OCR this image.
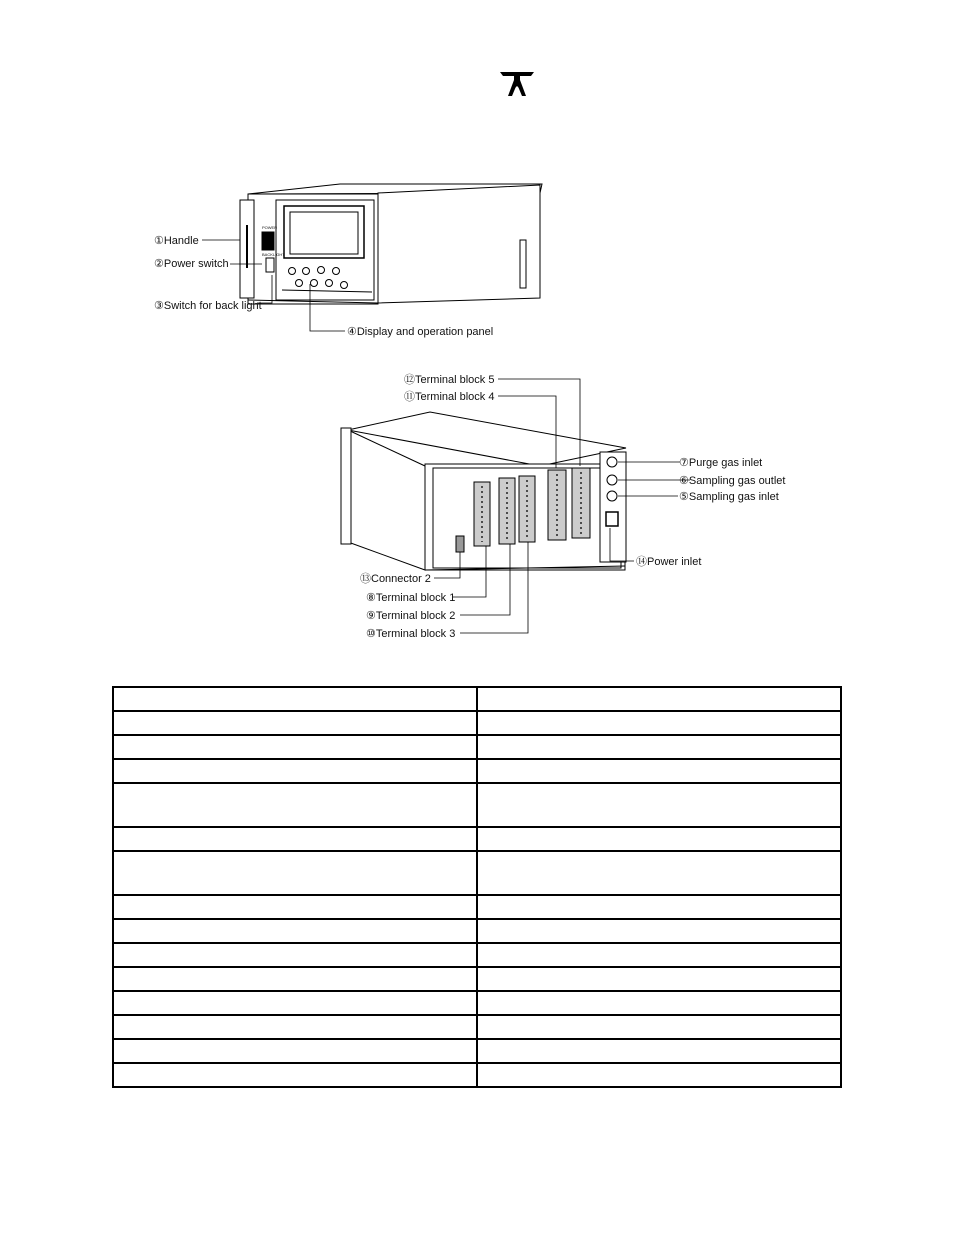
①Handle
②Power switch
③Switch for back light
④Display and operation panel
POWER
BACKLIGHT
⑫Terminal block 5
⑪Terminal block 4
⑦Purge gas inlet
⑥Sampling gas outlet
⑤Sampling gas inlet
⑭Power inlet
⑬Connector 2
⑧Terminal block 1
⑨Terminal block 2
⑩Terminal block 3
